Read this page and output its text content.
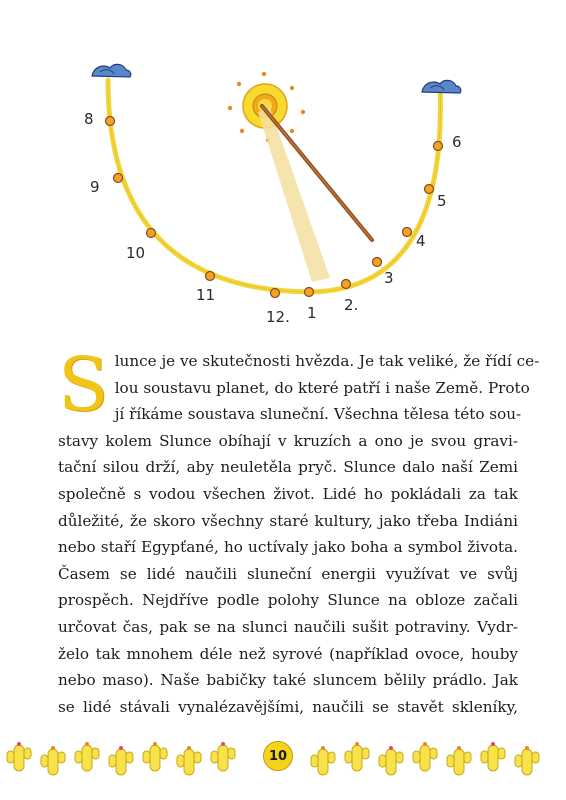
8
9
10
11
12. 1 2.
3
4
5
6
S lunce je ve skutečnosti hvězda. Je tak veliké, že řídí ce-
lou soustavu planet, do které patří i naše Země. Proto
jí říkáme soustava sluneční. Všechna tělesa této sou-
stavy kolem Slunce obíhají v kruzích a ono je svou gravi-
tační silou drží, aby neuletěla pryč. Slunce dalo naší Zemi
společně s vodou všechen život. Lidé ho pokládali za tak
důležité, že skoro všechny staré kultury, jako třeba Indiáni
nebo staří Egypťané, ho uctívaly jako boha a symbol života.
Časem se lidé naučili sluneční energii využívat ve svůj
prospěch. Nejdříve podle polohy Slunce na obloze začali
určovat čas, pak se na slunci naučili sušit potraviny. Vydr-
želo tak mnohem déle než syrové (například ovoce, houby
nebo maso). Naše babičky také sluncem bělily prádlo. Jak
se lidé stávali vynalézavějšími, naučili se stavět skleníky,
10
